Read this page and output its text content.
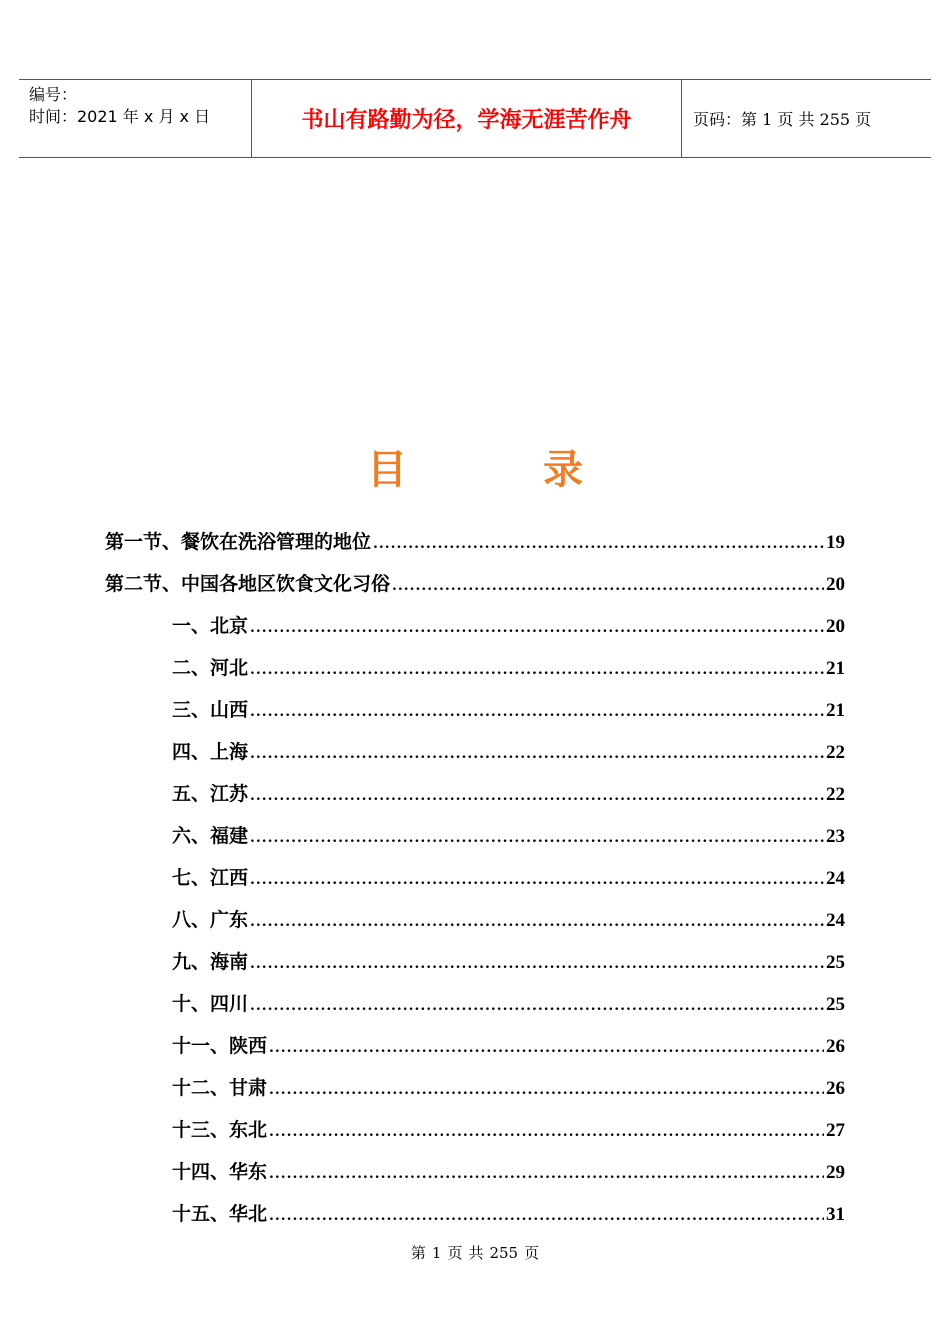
编号：
时间：2021 年 x 月 x 日	书山有路勤为径，学海无涯苦作舟	页码：第 1 页 共 255 页
目	录
第一节、餐饮在洗浴管理的地位 .....	19
第二节、中国各地区饮食文化习俗 .....	20
一、北京 .....	20
二、河北 .....	21
三、山西 .....	21
四、上海 .....	22
五、江苏 .....	22
六、福建 .....	23
七、江西 .....	24
八、广东 .....	24
九、海南 .....	25
十、四川 .....	25
十一、陕西 .....	26
十二、甘肃 .....	26
十三、东北 .....	27
十四、华东 .....	29
十五、华北 .....	31
第 1 页 共 255 页
